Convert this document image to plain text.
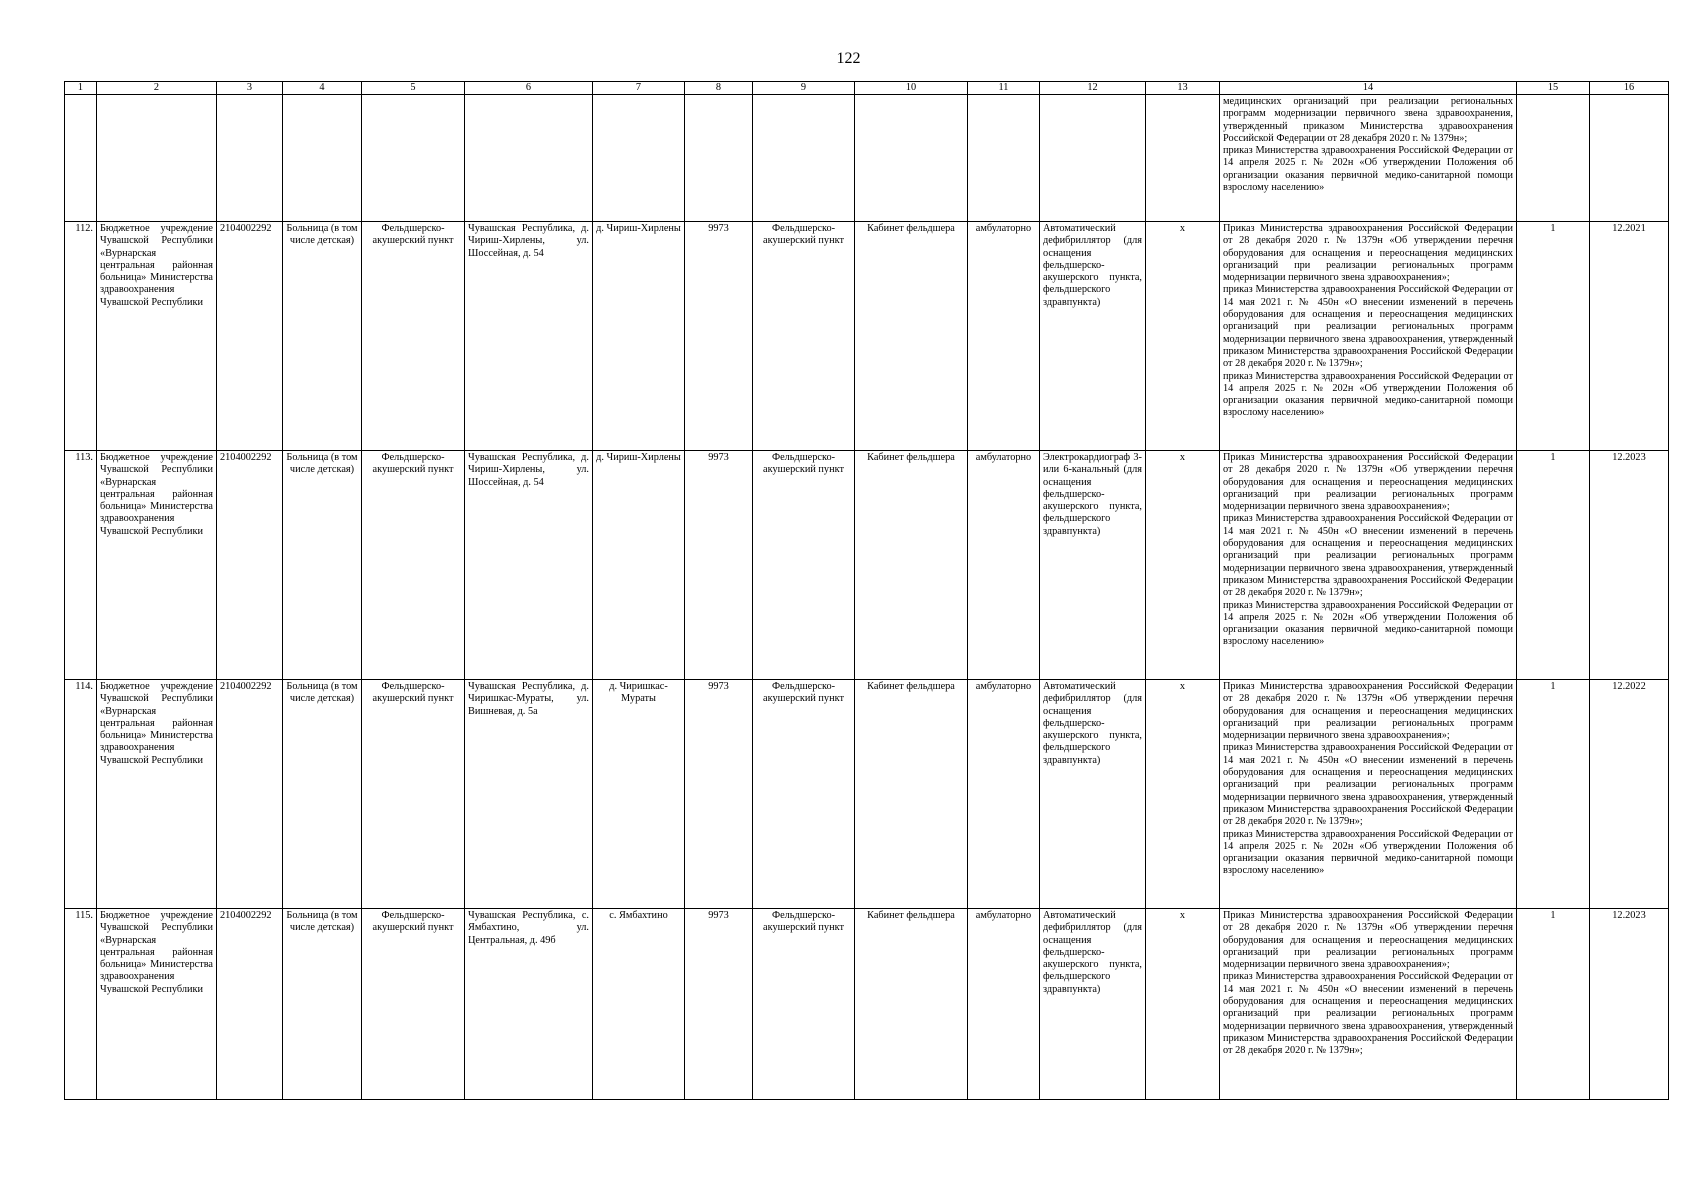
122
1	2	3	4	5	6	7	8	9	10	11	12	13	14	15	16
													медицинских организаций при реализации региональных программ модернизации первичного звена здравоохранения, утвержденный приказом Министерства здравоохранения Российской Федерации от 28 декабря 2020 г. № 1379н»;
приказ Министерства здравоохранения Российской Федерации от 14 апреля 2025 г. № 202н «Об утверждении Положения об организации оказания первичной медико-санитарной помощи взрослому населению»		
112.	Бюджетное учреждение Чувашской Республики «Вурнарская центральная районная больница» Министерства здравоохранения Чувашской Республики	2104002292	Больница (в том числе детская)	Фельдшерско-акушерский пункт	Чувашская Республика, д. Чириш-Хирлены, ул. Шоссейная, д. 54	д. Чириш-Хирлены	9973	Фельдшерско-акушерский пункт	Кабинет фельдшера	амбулаторно	Автоматический дефибриллятор (для оснащения фельдшерско-акушерского пункта, фельдшерского здравпункта)	x	Приказ Министерства здравоохранения Российской Федерации от 28 декабря 2020 г. № 1379н «Об утверждении перечня оборудования для оснащения и переоснащения медицинских организаций при реализации региональных программ модернизации первичного звена здравоохранения»;
приказ Министерства здравоохранения Российской Федерации от 14 мая 2021 г. № 450н «О внесении изменений в перечень оборудования для оснащения и переоснащения медицинских организаций при реализации региональных программ модернизации первичного звена здравоохранения, утвержденный приказом Министерства здравоохранения Российской Федерации от 28 декабря 2020 г. № 1379н»;
приказ Министерства здравоохранения Российской Федерации от 14 апреля 2025 г. № 202н «Об утверждении Положения об организации оказания первичной медико-санитарной помощи взрослому населению»	1	12.2021
113.	Бюджетное учреждение Чувашской Республики «Вурнарская центральная районная больница» Министерства здравоохранения Чувашской Республики	2104002292	Больница (в том числе детская)	Фельдшерско-акушерский пункт	Чувашская Республика, д. Чириш-Хирлены, ул. Шоссейная, д. 54	д. Чириш-Хирлены	9973	Фельдшерско-акушерский пункт	Кабинет фельдшера	амбулаторно	Электрокардиограф 3- или 6-канальный (для оснащения фельдшерско-акушерского пункта, фельдшерского здравпункта)	x	Приказ Министерства здравоохранения Российской Федерации от 28 декабря 2020 г. № 1379н «Об утверждении перечня оборудования для оснащения и переоснащения медицинских организаций при реализации региональных программ модернизации первичного звена здравоохранения»;
приказ Министерства здравоохранения Российской Федерации от 14 мая 2021 г. № 450н «О внесении изменений в перечень оборудования для оснащения и переоснащения медицинских организаций при реализации региональных программ модернизации первичного звена здравоохранения, утвержденный приказом Министерства здравоохранения Российской Федерации от 28 декабря 2020 г. № 1379н»;
приказ Министерства здравоохранения Российской Федерации от 14 апреля 2025 г. № 202н «Об утверждении Положения об организации оказания первичной медико-санитарной помощи взрослому населению»	1	12.2023
114.	Бюджетное учреждение Чувашской Республики «Вурнарская центральная районная больница» Министерства здравоохранения Чувашской Республики	2104002292	Больница (в том числе детская)	Фельдшерско-акушерский пункт	Чувашская Республика, д. Чиришкас-Мураты, ул. Вишневая, д. 5а	д. Чиришкас-Мураты	9973	Фельдшерско-акушерский пункт	Кабинет фельдшера	амбулаторно	Автоматический дефибриллятор (для оснащения фельдшерско-акушерского пункта, фельдшерского здравпункта)	x	Приказ Министерства здравоохранения Российской Федерации от 28 декабря 2020 г. № 1379н «Об утверждении перечня оборудования для оснащения и переоснащения медицинских организаций при реализации региональных программ модернизации первичного звена здравоохранения»;
приказ Министерства здравоохранения Российской Федерации от 14 мая 2021 г. № 450н «О внесении изменений в перечень оборудования для оснащения и переоснащения медицинских организаций при реализации региональных программ модернизации первичного звена здравоохранения, утвержденный приказом Министерства здравоохранения Российской Федерации от 28 декабря 2020 г. № 1379н»;
приказ Министерства здравоохранения Российской Федерации от 14 апреля 2025 г. № 202н «Об утверждении Положения об организации оказания первичной медико-санитарной помощи взрослому населению»	1	12.2022
115.	Бюджетное учреждение Чувашской Республики «Вурнарская центральная районная больница» Министерства здравоохранения Чувашской Республики	2104002292	Больница (в том числе детская)	Фельдшерско-акушерский пункт	Чувашская Республика, с. Ямбахтино, ул. Центральная, д. 49б	с. Ямбахтино	9973	Фельдшерско-акушерский пункт	Кабинет фельдшера	амбулаторно	Автоматический дефибриллятор (для оснащения фельдшерско-акушерского пункта, фельдшерского здравпункта)	x	Приказ Министерства здравоохранения Российской Федерации от 28 декабря 2020 г. № 1379н «Об утверждении перечня оборудования для оснащения и переоснащения медицинских организаций при реализации региональных программ модернизации первичного звена здравоохранения»;
приказ Министерства здравоохранения Российской Федерации от 14 мая 2021 г. № 450н «О внесении изменений в перечень оборудования для оснащения и переоснащения медицинских организаций при реализации региональных программ модернизации первичного звена здравоохранения, утвержденный приказом Министерства здравоохранения Российской Федерации от 28 декабря 2020 г. № 1379н»;	1	12.2023
